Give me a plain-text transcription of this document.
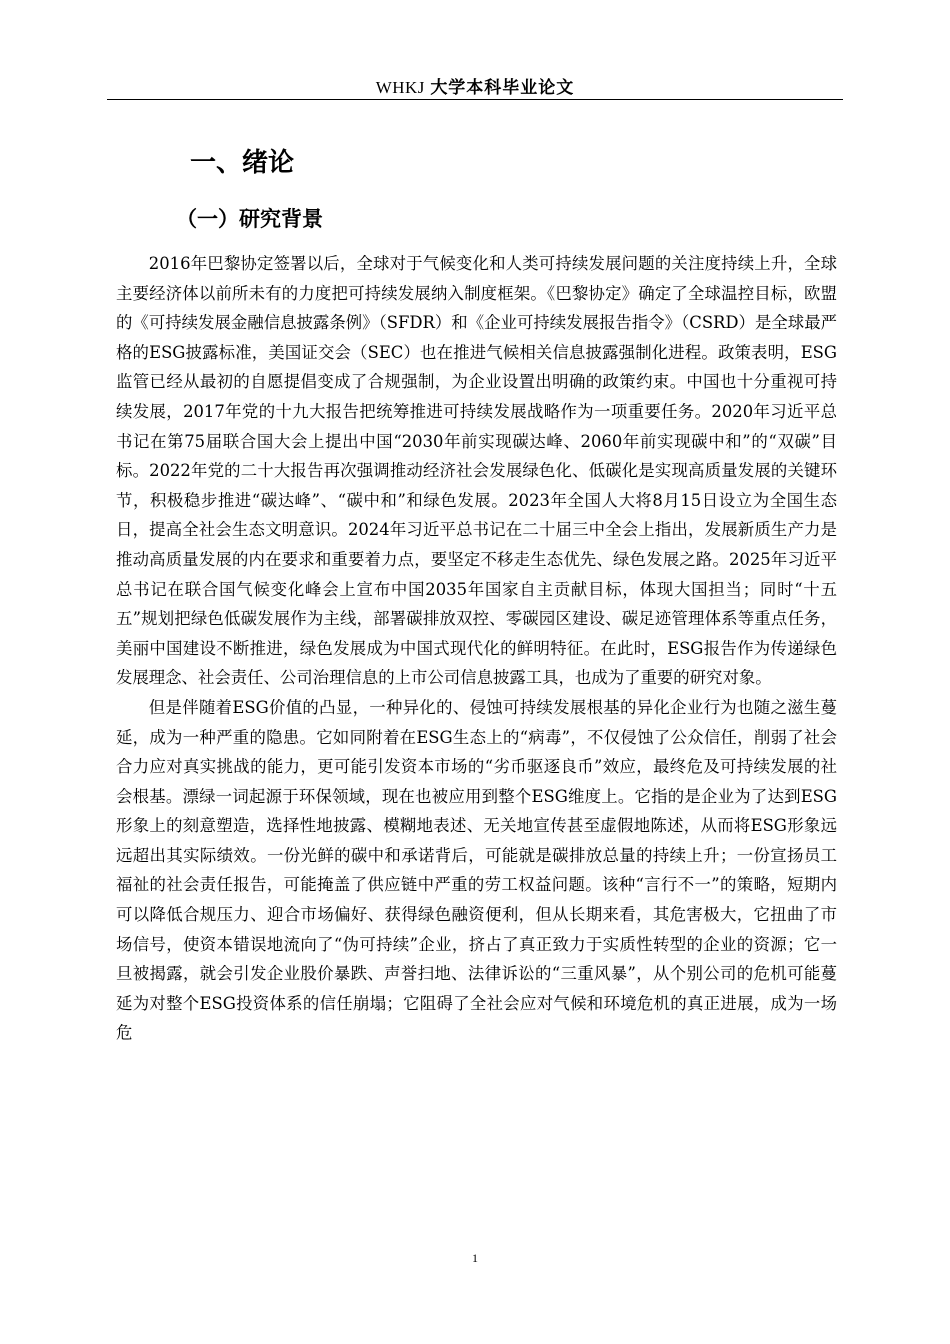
WHKJ 大学本科毕业论文
一、绪论
（一）研究背景

2016年巴黎协定签署以后，全球对于气候变化和人类可持续发展问题的关注度持续上升，全球主要经济体以前所未有的力度把可持续发展纳入制度框架。《巴黎协定》确定了全球温控目标，欧盟的《可持续发展金融信息披露条例》（SFDR）和《企业可持续发展报告指令》（CSRD）是全球最严格的ESG披露标准，美国证交会（SEC）也在推进气候相关信息披露强制化进程。政策表明，ESG监管已经从最初的自愿提倡变成了合规强制，为企业设置出明确的政策约束。中国也十分重视可持续发展，2017年党的十九大报告把统筹推进可持续发展战略作为一项重要任务。2020年习近平总书记在第75届联合国大会上提出中国“2030年前实现碳达峰、2060年前实现碳中和”的“双碳”目标。2022年党的二十大报告再次强调推动经济社会发展绿色化、低碳化是实现高质量发展的关键环节，积极稳步推进“碳达峰”、“碳中和”和绿色发展。2023年全国人大将8月15日设立为全国生态日，提高全社会生态文明意识。2024年习近平总书记在二十届三中全会上指出，发展新质生产力是推动高质量发展的内在要求和重要着力点，要坚定不移走生态优先、绿色发展之路。2025年习近平总书记在联合国气候变化峰会上宣布中国2035年国家自主贡献目标，体现大国担当；同时“十五五”规划把绿色低碳发展作为主线，部署碳排放双控、零碳园区建设、碳足迹管理体系等重点任务，美丽中国建设不断推进，绿色发展成为中国式现代化的鲜明特征。在此时，ESG报告作为传递绿色发展理念、社会责任、公司治理信息的上市公司信息披露工具，也成为了重要的研究对象。

但是伴随着ESG价值的凸显，一种异化的、侵蚀可持续发展根基的异化企业行为也随之滋生蔓延，成为一种严重的隐患。它如同附着在ESG生态上的“病毒”，不仅侵蚀了公众信任，削弱了社会合力应对真实挑战的能力，更可能引发资本市场的“劣币驱逐良币”效应，最终危及可持续发展的社会根基。漂绿一词起源于环保领域，现在也被应用到整个ESG维度上。它指的是企业为了达到ESG形象上的刻意塑造，选择性地披露、模糊地表述、无关地宣传甚至虚假地陈述，从而将ESG形象远远超出其实际绩效。一份光鲜的碳中和承诺背后，可能就是碳排放总量的持续上升；一份宣扬员工福祉的社会责任报告，可能掩盖了供应链中严重的劳工权益问题。该种“言行不一”的策略，短期内可以降低合规压力、迎合市场偏好、获得绿色融资便利，但从长期来看，其危害极大，它扭曲了市场信号，使资本错误地流向了“伪可持续”企业，挤占了真正致力于实质性转型的企业的资源；它一旦被揭露，就会引发企业股价暴跌、声誉扫地、法律诉讼的“三重风暴”，从个别公司的危机可能蔓延为对整个ESG投资体系的信任崩塌；它阻碍了全社会应对气候和环境危机的真正进展，成为一场危

1
